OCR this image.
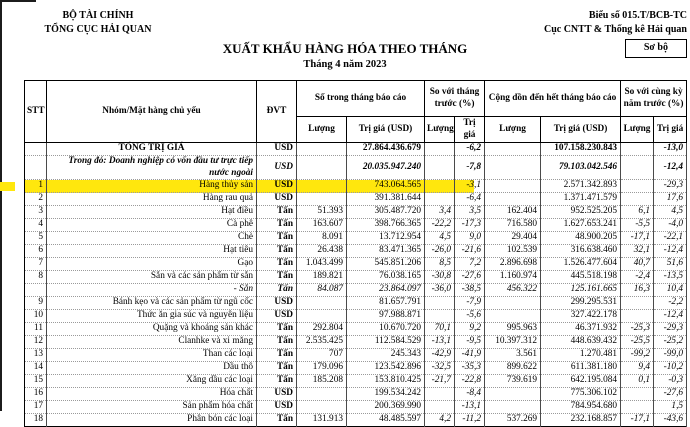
BỘ TÀI CHÍNH
TỔNG CỤC HẢI QUAN
Biểu số 015.T/BCB-TC
Cục CNTT & Thống kê Hải quan
Sơ bộ
XUẤT KHẨU HÀNG HÓA THEO THÁNG
Tháng 4 năm 2023
STT	Nhóm/Mặt hàng chủ yếu	ĐVT	Số trong tháng báo cáo		So với tháng trước (%)		Cộng dồn đến hết tháng báo cáo		So với cùng kỳ năm trước (%)	
			Lượng	Trị giá (USD)	Lượng	Trị giá	Lượng	Trị giá (USD)	Lượng	Trị giá
	TỔNG TRỊ GIÁ	USD		27.864.436.679		-6,2		107.158.230.843		-13,0
	Trong đó: Doanh nghiệp có vốn đầu tư trực tiếp nước ngoài	USD		20.035.947.240		-7,8		79.103.042.546		-12,4
1	Hàng thủy sản	USD		743.064.565		-3,1		2.571.342.893		-29,3
2	Hàng rau quả	USD		391.381.644		-6,4		1.371.471.579		17,6
3	Hạt điều	Tấn	51.393	305.487.720	3,4	3,5	162.404	952.525.205	6,1	4,5
4	Cà phê	Tấn	163.607	398.766.365	-22,2	-17,3	716.580	1.627.653.241	-5,5	-4,0
5	Chè	Tấn	8.091	13.712.954	4,5	9,0	29.404	48.900.205	-17,1	-22,1
6	Hạt tiêu	Tấn	26.438	83.471.365	-26,0	-21,6	102.539	316.638.460	32,1	-12,4
7	Gạo	Tấn	1.043.499	545.851.206	8,5	7,2	2.896.698	1.526.477.604	40,7	51,6
8	Sắn và các sản phẩm từ sắn	Tấn	189.821	76.038.165	-30,8	-27,6	1.160.974	445.518.198	-2,4	-13,5
	- Sắn	Tấn	84.087	23.864.097	-36,0	-38,5	456.322	125.161.665	16,3	10,4
9	Bánh kẹo và các sản phẩm từ ngũ cốc	USD		81.657.791		-7,9		299.295.531		-2,2
10	Thức ăn gia súc và nguyên liệu	USD		97.988.871		-5,6		327.422.178		-12,4
11	Quặng và khoáng sản khác	Tấn	292.804	10.670.720	70,1	9,2	995.963	46.371.932	-25,3	-29,3
12	Clanhke và xi măng	Tấn	2.535.425	112.584.529	-13,1	-9,5	10.397.312	448.639.432	-25,5	-25,2
13	Than các loại	Tấn	707	245.343	-42,9	-41,9	3.561	1.270.481	-99,2	-99,0
14	Dầu thô	Tấn	179.096	123.542.896	-32,5	-35,3	899.622	611.381.180	9,4	-10,2
15	Xăng dầu các loại	Tấn	185.208	153.810.425	-21,7	-22,8	739.619	642.195.084	0,1	-0,3
16	Hóa chất	USD		199.534.242		-8,4		775.306.102		-27,6
17	Sản phẩm hóa chất	USD		200.369.990		-13,1		784.954.680		1,5
18	Phân bón các loại	Tấn	131.913	48.485.597	4,2	-11,2	537.269	232.168.857	-17,1	-43,6
